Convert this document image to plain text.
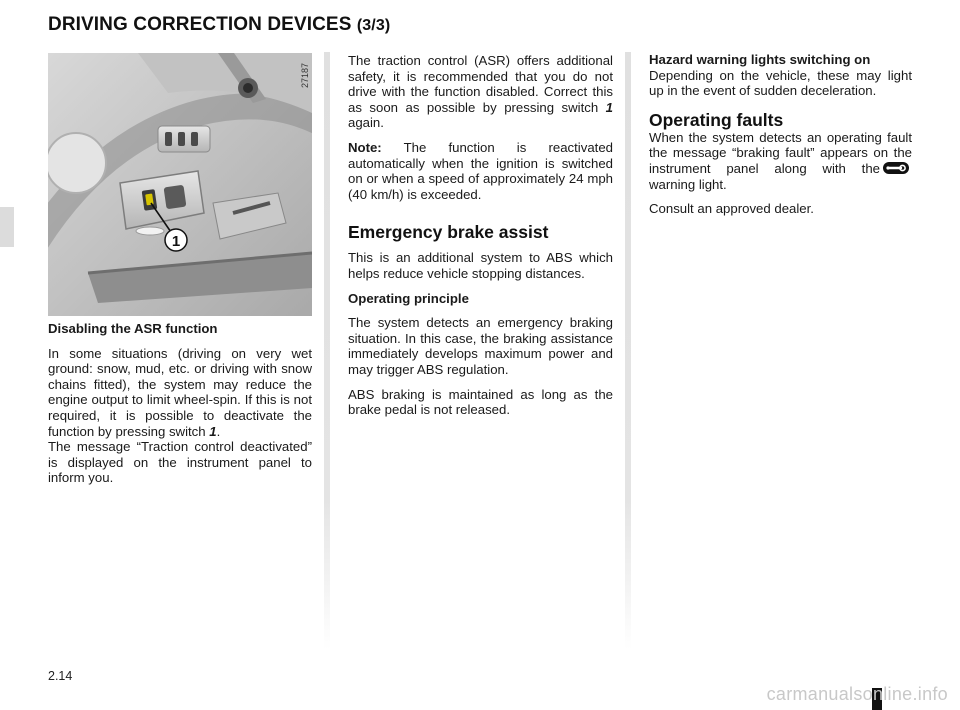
DRIVING CORRECTION DEVICES (3/3)
1
27187

Disabling the ASR function

In some situations (driving on very wet ground: snow, mud, etc. or driving with snow chains fitted), the system may reduce the engine output to limit wheel-spin. If this is not required, it is possible to deactivate the function by pressing switch 1.

The message “Traction control deactivated” is displayed on the instrument panel to inform you.

The traction control (ASR) offers additional safety, it is recommended that you do not drive with the function disabled. Correct this as soon as possible by pressing switch 1 again.

Note: The function is reactivated automatically when the ignition is switched on or when a speed of approximately 24 mph (40 km/h) is exceeded.

Emergency brake assist

This is an additional system to ABS which helps reduce vehicle stopping distances.

Operating principle

The system detects an emergency braking situation. In this case, the braking assistance immediately develops maximum power and may trigger ABS regulation.

ABS braking is maintained as long as the brake pedal is not released.

Hazard warning lights switching on

Depending on the vehicle, these may light up in the event of sudden deceleration.

Operating faults

When the system detects an operating fault the message “braking fault” appears on the instrument panel along with the warning light.

Consult an approved dealer.

2.14
carmanualsonline.info
